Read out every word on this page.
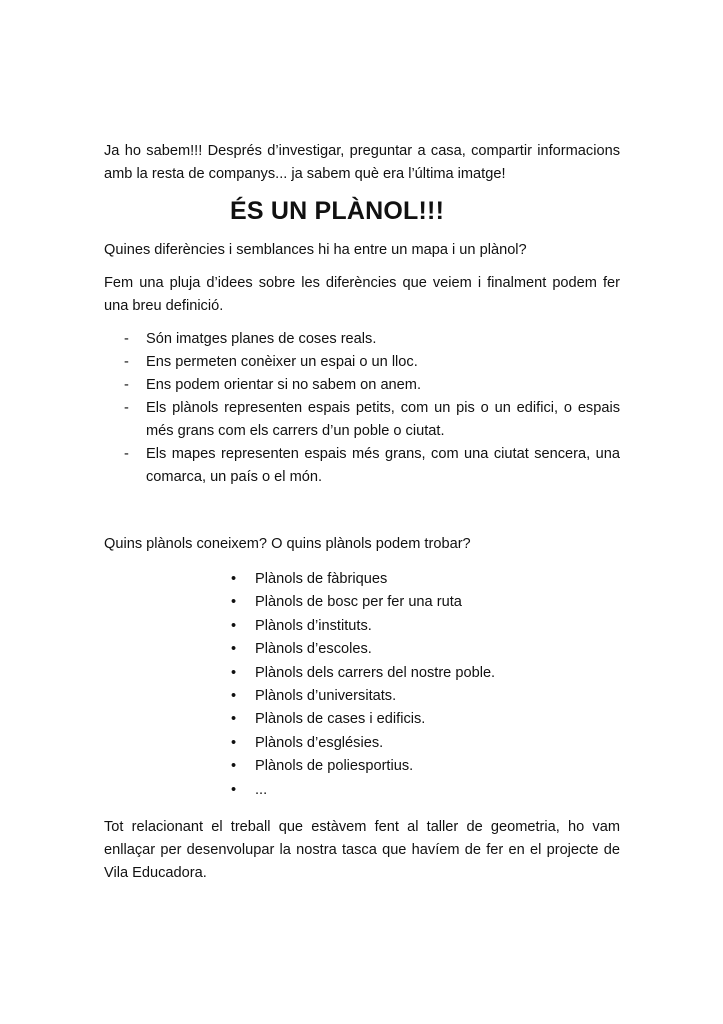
Ja ho sabem!!! Després d’investigar, preguntar a casa, compartir informacions amb la resta de companys... ja sabem què era l’última imatge!

ÉS UN PLÀNOL!!!

Quines diferències i semblances hi ha entre un mapa i un plànol?

Fem una pluja d’idees sobre les diferències que veiem i finalment podem fer una breu definició.

- Són imatges planes de coses reals.
- Ens permeten conèixer un espai o un lloc.
- Ens podem orientar si no sabem on anem.
- Els plànols representen espais petits, com un pis o un edifici, o espais més grans com els carrers d’un poble o ciutat.
- Els mapes representen espais més grans, com una ciutat sencera, una comarca, un país o el món.

Quins plànols coneixem? O quins plànols podem trobar?

• Plànols de fàbriques
• Plànols de bosc per fer una ruta
• Plànols d’instituts.
• Plànols d’escoles.
• Plànols dels carrers del nostre poble.
• Plànols d’universitats.
• Plànols de cases i edificis.
• Plànols d’esglésies.
• Plànols de poliesportius.
• ...

Tot relacionant el treball que estàvem fent al taller de geometria, ho vam enllaçar per desenvolupar la nostra tasca que havíem de fer en el projecte de Vila Educadora.
